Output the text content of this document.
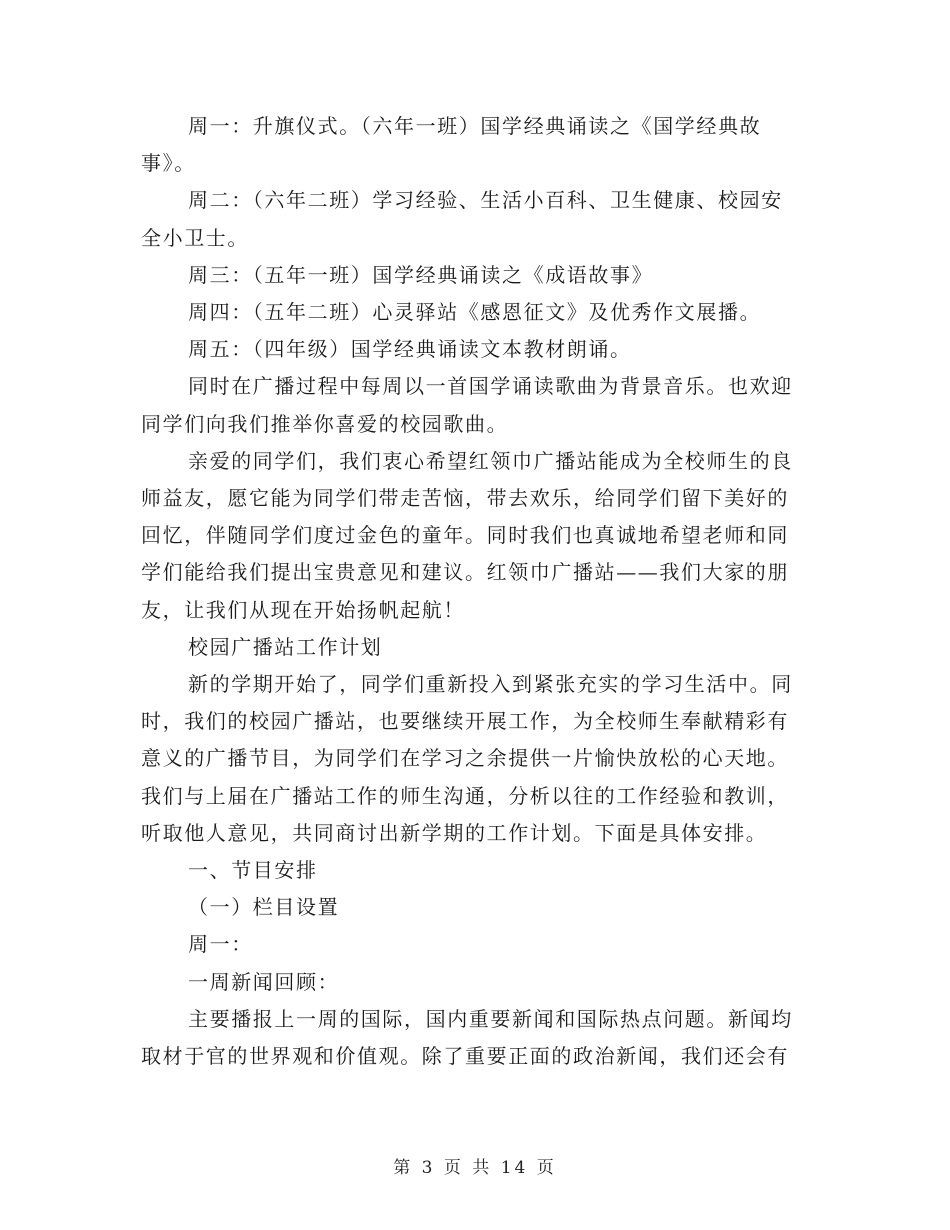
周一：升旗仪式。（六年一班）国学经典诵读之《国学经典故事》。

周二：（六年二班）学习经验、生活小百科、卫生健康、校园安全小卫士。

周三：（五年一班）国学经典诵读之《成语故事》

周四：（五年二班）心灵驿站《感恩征文》及优秀作文展播。

周五：（四年级）国学经典诵读文本教材朗诵。

同时在广播过程中每周以一首国学诵读歌曲为背景音乐。也欢迎同学们向我们推举你喜爱的校园歌曲。

亲爱的同学们，我们衷心希望红领巾广播站能成为全校师生的良师益友，愿它能为同学们带走苦恼，带去欢乐，给同学们留下美好的回忆，伴随同学们度过金色的童年。同时我们也真诚地希望老师和同学们能给我们提出宝贵意见和建议。红领巾广播站——我们大家的朋友，让我们从现在开始扬帆起航！

校园广播站工作计划

新的学期开始了，同学们重新投入到紧张充实的学习生活中。同时，我们的校园广播站，也要继续开展工作，为全校师生奉献精彩有意义的广播节目，为同学们在学习之余提供一片愉快放松的心天地。我们与上届在广播站工作的师生沟通，分析以往的工作经验和教训，听取他人意见，共同商讨出新学期的工作计划。下面是具体安排。

一、节目安排

（一）栏目设置

周一：

一周新闻回顾：

主要播报上一周的国际，国内重要新闻和国际热点问题。新闻均取材于官的世界观和价值观。除了重要正面的政治新闻，我们还会有

第 3 页 共 14 页
